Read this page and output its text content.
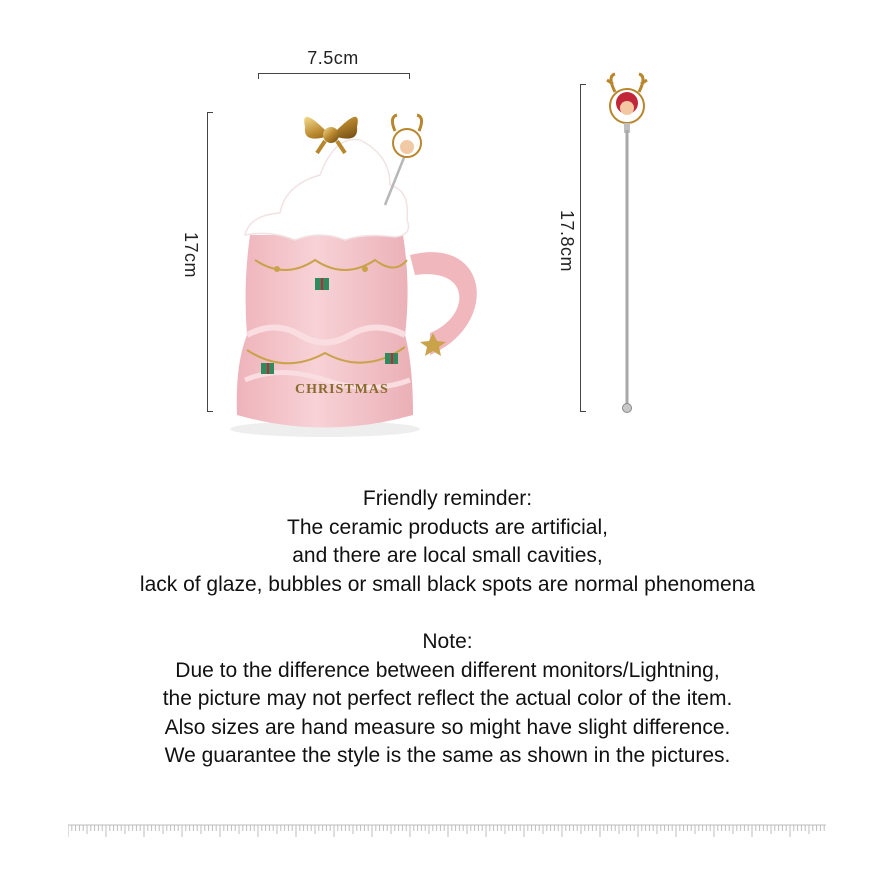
7.5cm
17cm	17.8cm
CHRISTMAS
Friendly reminder:
The ceramic products are artificial,
and there are local small cavities,
lack of glaze, bubbles or small black spots are normal phenomena
Note:
Due to the difference between different monitors/Lightning,
the picture may not perfect reflect the actual color of the item.
Also sizes are hand measure so might have slight difference.
We guarantee the style is the same as shown in the pictures.
